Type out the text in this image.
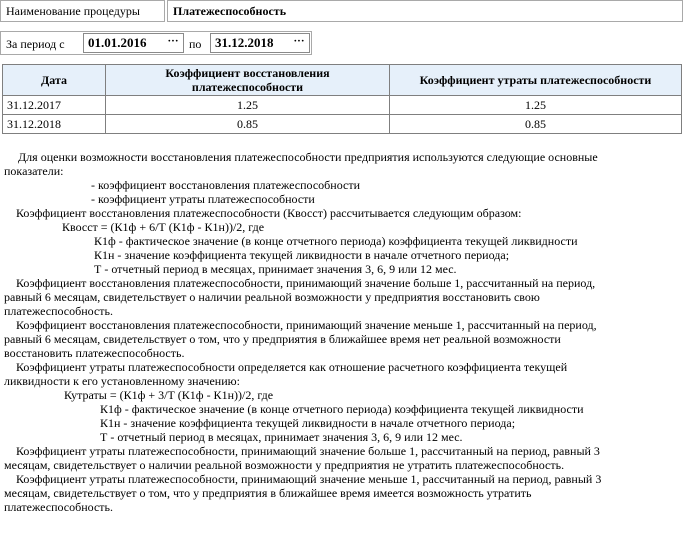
Наименование процедуры	Платежеспособность
За период с	01.01.2016 ··· по	31.12.2018 ···
Дата	Коэффициент восстановления платежеспособности	Коэффициент утраты платежеспособности
31.12.2017	1.25	1.25
31.12.2018	0.85	0.85

Для оценки возможности восстановления платежеспособности предприятия используются следующие основные

показатели:

- коэффициент восстановления платежеспособности

- коэффициент утраты платежеспособности

Коэффициент восстановления платежеспособности (Квосст) рассчитывается следующим образом:

Квосст = (К1ф + 6/Т (К1ф - К1н))/2, где

К1ф - фактическое значение (в конце отчетного периода) коэффициента текущей ликвидности

К1н - значение коэффициента текущей ликвидности в начале отчетного периода;

Т - отчетный период в месяцах, принимает значения 3, 6, 9 или 12 мес.

Коэффициент восстановления платежеспособности, принимающий значение больше 1, рассчитанный на период,

равный 6 месяцам, свидетельствует о наличии реальной возможности у предприятия восстановить свою

платежеспособность.

Коэффициент восстановления платежеспособности, принимающий значение меньше 1, рассчитанный на период,

равный 6 месяцам, свидетельствует о том, что у предприятия в ближайшее время нет реальной возможности

восстановить платежеспособность.

Коэффициент утраты платежеспособности определяется как отношение расчетного коэффициента текущей

ликвидности к его установленному значению:

Кутраты = (К1ф + 3/Т (К1ф - К1н))/2, где

К1ф - фактическое значение (в конце отчетного периода) коэффициента текущей ликвидности

К1н - значение коэффициента текущей ликвидности в начале отчетного периода;

Т - отчетный период в месяцах, принимает значения 3, 6, 9 или 12 мес.

Коэффициент утраты платежеспособности, принимающий значение больше 1, рассчитанный на период, равный 3

месяцам, свидетельствует о наличии реальной возможности у предприятия не утратить платежеспособность.

Коэффициент утраты платежеспособности, принимающий значение меньше 1, рассчитанный на период, равный 3

месяцам, свидетельствует о том, что у предприятия в ближайшее время имеется возможность утратить

платежеспособность.
